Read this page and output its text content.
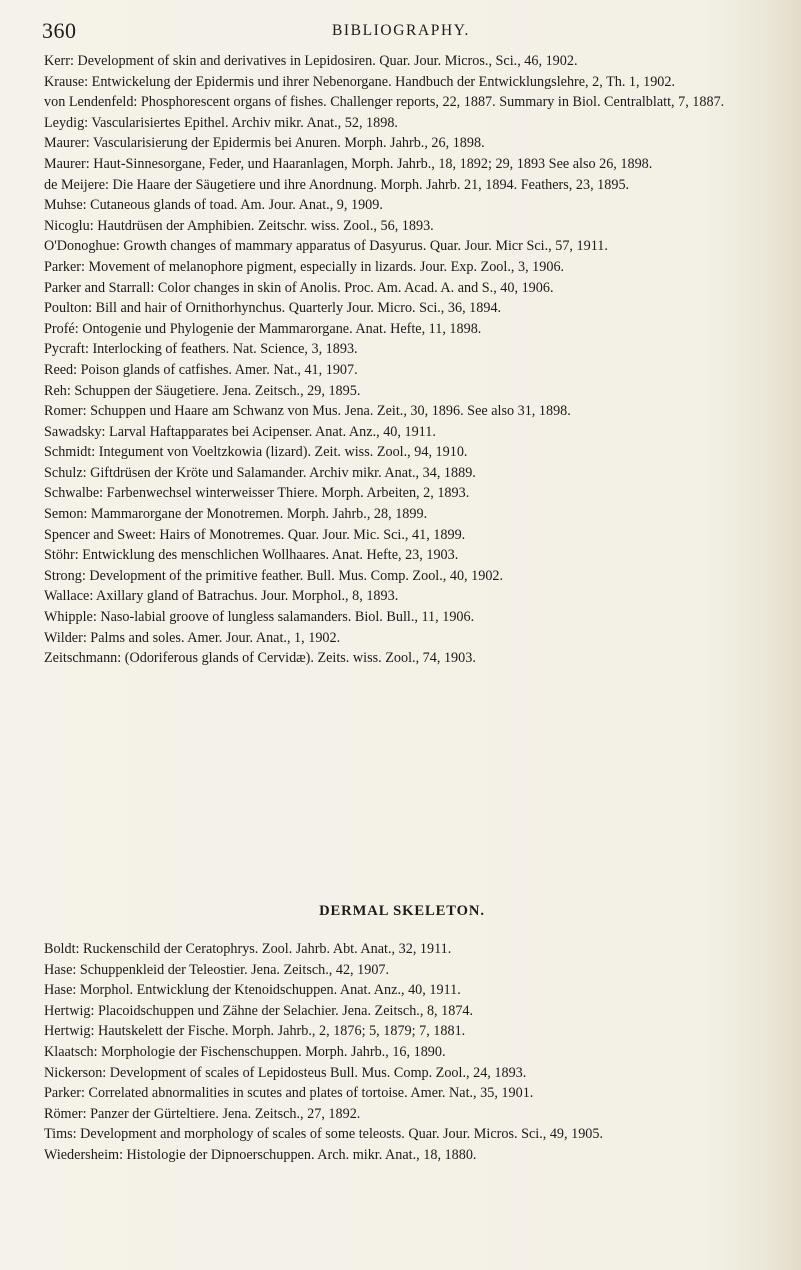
360	BIBLIOGRAPHY.
Kerr: Development of skin and derivatives in Lepidosiren. Quar. Jour. Micros., Sci., 46, 1902.
Krause: Entwickelung der Epidermis und ihrer Nebenorgane. Handbuch der Entwicklungslehre, 2, Th. 1, 1902.
von Lendenfeld: Phosphorescent organs of fishes. Challenger reports, 22, 1887. Summary in Biol. Centralblatt, 7, 1887.
Leydig: Vascularisiertes Epithel. Archiv mikr. Anat., 52, 1898.
Maurer: Vascularisierung der Epidermis bei Anuren. Morph. Jahrb., 26, 1898.
Maurer: Haut-Sinnesorgane, Feder, und Haaranlagen, Morph. Jahrb., 18, 1892; 29, 1893 See also 26, 1898.
de Meijere: Die Haare der Säugetiere und ihre Anordnung. Morph. Jahrb. 21, 1894. Feathers, 23, 1895.
Muhse: Cutaneous glands of toad. Am. Jour. Anat., 9, 1909.
Nicoglu: Hautdrüsen der Amphibien. Zeitschr. wiss. Zool., 56, 1893.
O'Donoghue: Growth changes of mammary apparatus of Dasyurus. Quar. Jour. Micr Sci., 57, 1911.
Parker: Movement of melanophore pigment, especially in lizards. Jour. Exp. Zool., 3, 1906.
Parker and Starrall: Color changes in skin of Anolis. Proc. Am. Acad. A. and S., 40, 1906.
Poulton: Bill and hair of Ornithorhynchus. Quarterly Jour. Micro. Sci., 36, 1894.
Profé: Ontogenie und Phylogenie der Mammarorgane. Anat. Hefte, 11, 1898.
Pycraft: Interlocking of feathers. Nat. Science, 3, 1893.
Reed: Poison glands of catfishes. Amer. Nat., 41, 1907.
Reh: Schuppen der Säugetiere. Jena. Zeitsch., 29, 1895.
Romer: Schuppen und Haare am Schwanz von Mus. Jena. Zeit., 30, 1896. See also 31, 1898.
Sawadsky: Larval Haftapparates bei Acipenser. Anat. Anz., 40, 1911.
Schmidt: Integument von Voeltzkowia (lizard). Zeit. wiss. Zool., 94, 1910.
Schulz: Giftdrüsen der Kröte und Salamander. Archiv mikr. Anat., 34, 1889.
Schwalbe: Farbenwechsel winterweisser Thiere. Morph. Arbeiten, 2, 1893.
Semon: Mammarorgane der Monotremen. Morph. Jahrb., 28, 1899.
Spencer and Sweet: Hairs of Monotremes. Quar. Jour. Mic. Sci., 41, 1899.
Stöhr: Entwicklung des menschlichen Wollhaares. Anat. Hefte, 23, 1903.
Strong: Development of the primitive feather. Bull. Mus. Comp. Zool., 40, 1902.
Wallace: Axillary gland of Batrachus. Jour. Morphol., 8, 1893.
Whipple: Naso-labial groove of lungless salamanders. Biol. Bull., 11, 1906.
Wilder: Palms and soles. Amer. Jour. Anat., 1, 1902.
Zeitschmann: (Odoriferous glands of Cervidæ). Zeits. wiss. Zool., 74, 1903.
DERMAL SKELETON.
Boldt: Ruckenschild der Ceratophrys. Zool. Jahrb. Abt. Anat., 32, 1911.
Hase: Schuppenkleid der Teleostier. Jena. Zeitsch., 42, 1907.
Hase: Morphol. Entwicklung der Ktenoidschuppen. Anat. Anz., 40, 1911.
Hertwig: Placoidschuppen und Zähne der Selachier. Jena. Zeitsch., 8, 1874.
Hertwig: Hautskelett der Fische. Morph. Jahrb., 2, 1876; 5, 1879; 7, 1881.
Klaatsch: Morphologie der Fischenschuppen. Morph. Jahrb., 16, 1890.
Nickerson: Development of scales of Lepidosteus Bull. Mus. Comp. Zool., 24, 1893.
Parker: Correlated abnormalities in scutes and plates of tortoise. Amer. Nat., 35, 1901.
Römer: Panzer der Gürteltiere. Jena. Zeitsch., 27, 1892.
Tims: Development and morphology of scales of some teleosts. Quar. Jour. Micros. Sci., 49, 1905.
Wiedersheim: Histologie der Dipnoerschuppen. Arch. mikr. Anat., 18, 1880.
